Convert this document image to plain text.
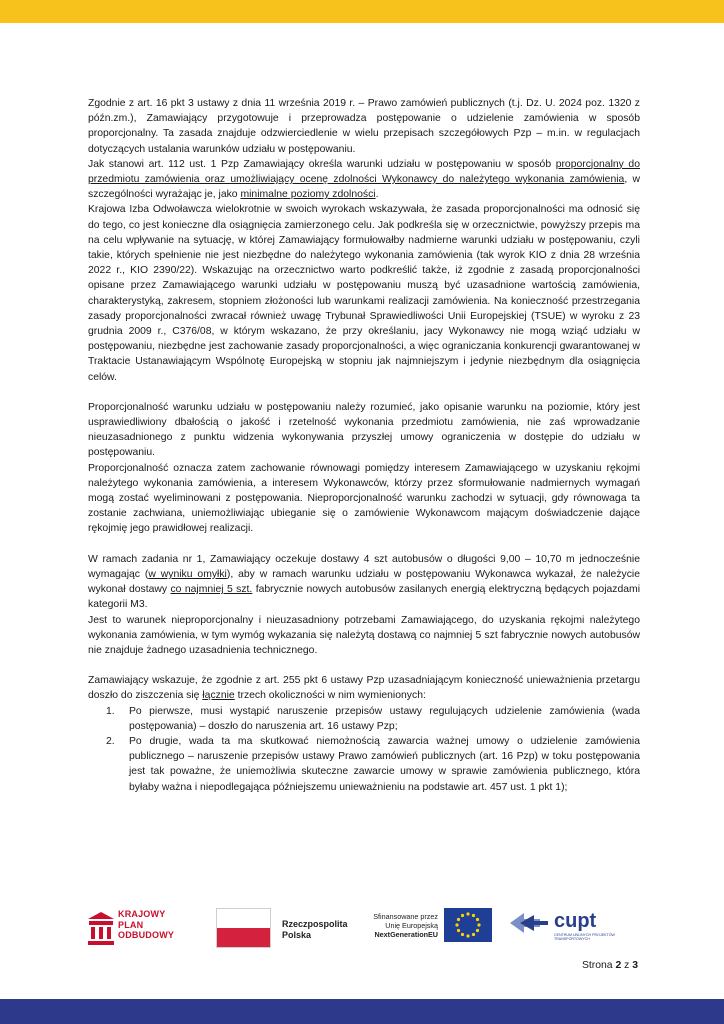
Zgodnie z art. 16 pkt 3 ustawy z dnia 11 września 2019 r. – Prawo zamówień publicznych (t.j. Dz. U. 2024 poz. 1320 z późn.zm.), Zamawiający przygotowuje i przeprowadza postępowanie o udzielenie zamówienia w sposób proporcjonalny. Ta zasada znajduje odzwierciedlenie w wielu przepisach szczegółowych Pzp – m.in. w regulacjach dotyczących ustalania warunków udziału w postępowaniu.

Jak stanowi art. 112 ust. 1 Pzp Zamawiający określa warunki udziału w postępowaniu w sposób proporcjonalny do przedmiotu zamówienia oraz umożliwiający ocenę zdolności Wykonawcy do należytego wykonania zamówienia, w szczególności wyrażając je, jako minimalne poziomy zdolności.

Krajowa Izba Odwoławcza wielokrotnie w swoich wyrokach wskazywała, że zasada proporcjonalności ma odnosić się do tego, co jest konieczne dla osiągnięcia zamierzonego celu. Jak podkreśla się w orzecznictwie, powyższy przepis ma na celu wpływanie na sytuację, w której Zamawiający formułowałby nadmierne warunki udziału w postępowaniu, czyli takie, których spełnienie nie jest niezbędne do należytego wykonania zamówienia (tak wyrok KIO z dnia 28 września 2022 r., KIO 2390/22). Wskazując na orzecznictwo warto podkreślić także, iż zgodnie z zasadą proporcjonalności opisane przez Zamawiającego warunki udziału w postępowaniu muszą być uzasadnione wartością zamówienia, charakterystyką, zakresem, stopniem złożoności lub warunkami realizacji zamówienia. Na konieczność przestrzegania zasady proporcjonalności zwracał również uwagę Trybunał Sprawiedliwości Unii Europejskiej (TSUE) w wyroku z 23 grudnia 2009 r., C376/08, w którym wskazano, że przy określaniu, jacy Wykonawcy nie mogą wziąć udziału w postępowaniu, niezbędne jest zachowanie zasady proporcjonalności, a więc ograniczania konkurencji gwarantowanej w Traktacie Ustanawiającym Wspólnotę Europejską w stopniu jak najmniejszym i jedynie niezbędnym dla osiągnięcia celów.

Proporcjonalność warunku udziału w postępowaniu należy rozumieć, jako opisanie warunku na poziomie, który jest usprawiedliwiony dbałością o jakość i rzetelność wykonania przedmiotu zamówienia, nie zaś wprowadzanie nieuzasadnionego z punktu widzenia wykonywania przyszłej umowy ograniczenia w dostępie do udziału w postępowaniu.

Proporcjonalność oznacza zatem zachowanie równowagi pomiędzy interesem Zamawiającego w uzyskaniu rękojmi należytego wykonania zamówienia, a interesem Wykonawców, którzy przez sformułowanie nadmiernych wymagań mogą zostać wyeliminowani z postępowania. Nieproporcjonalność warunku zachodzi w sytuacji, gdy równowaga ta zostanie zachwiana, uniemożliwiając ubieganie się o zamówienie Wykonawcom mającym doświadczenie dające rękojmię jego prawidłowej realizacji.

W ramach zadania nr 1, Zamawiający oczekuje dostawy 4 szt autobusów o długości 9,00 – 10,70 m jednocześnie wymagając (w wyniku omyłki), aby w ramach warunku udziału w postępowaniu Wykonawca wykazał, że należycie wykonał dostawy co najmniej 5 szt. fabrycznie nowych autobusów zasilanych energią elektryczną będących pojazdami kategorii M3.

Jest to warunek nieproporcjonalny i nieuzasadniony potrzebami Zamawiającego, do uzyskania rękojmi należytego wykonania zamówienia, w tym wymóg wykazania się należytą dostawą co najmniej 5 szt fabrycznie nowych autobusów nie znajduje żadnego uzasadnienia technicznego.

Zamawiający wskazuje, że zgodnie z art. 255 pkt 6 ustawy Pzp uzasadniającym konieczność unieważnienia przetargu doszło do ziszczenia się łącznie trzech okoliczności w nim wymienionych:

1. Po pierwsze, musi wystąpić naruszenie przepisów ustawy regulujących udzielenie zamówienia (wada postępowania) – doszło do naruszenia art. 16 ustawy Pzp;
2. Po drugie, wada ta ma skutkować niemożnością zawarcia ważnej umowy o udzielenie zamówienia publicznego – naruszenie przepisów ustawy Prawo zamówień publicznych (art. 16 Pzp) w toku postępowania jest tak poważne, że uniemożliwia skuteczne zawarcie umowy w sprawie zamówienia publicznego, która byłaby ważna i niepodlegająca późniejszemu unieważnieniu na podstawie art. 457 ust. 1 pkt 1);
KRAJOWY
PLAN
ODBUDOWY
Rzeczpospolita
Polska
Sfinansowane przez
Unię Europejską
NextGenerationEU
cupt
CENTRUM UNIJNYCH PROJEKTÓW TRANSPORTOWYCH
Strona 2 z 3
